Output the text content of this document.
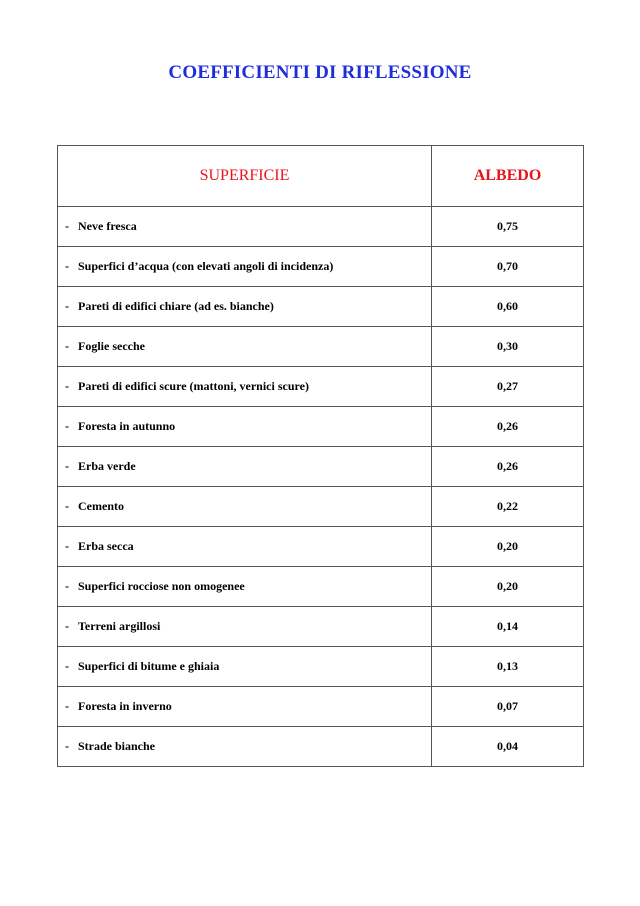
COEFFICIENTI DI RIFLESSIONE
SUPERFICIE	ALBEDO
- Neve fresca	0,75
- Superfici d’acqua (con elevati angoli di incidenza)	0,70
- Pareti di edifici chiare (ad es. bianche)	0,60
- Foglie secche	0,30
- Pareti di edifici scure (mattoni, vernici scure)	0,27
- Foresta in autunno	0,26
- Erba verde	0,26
- Cemento	0,22
- Erba secca	0,20
- Superfici rocciose non omogenee	0,20
- Terreni argillosi	0,14
- Superfici di bitume e ghiaia	0,13
- Foresta in inverno	0,07
- Strade bianche	0,04
